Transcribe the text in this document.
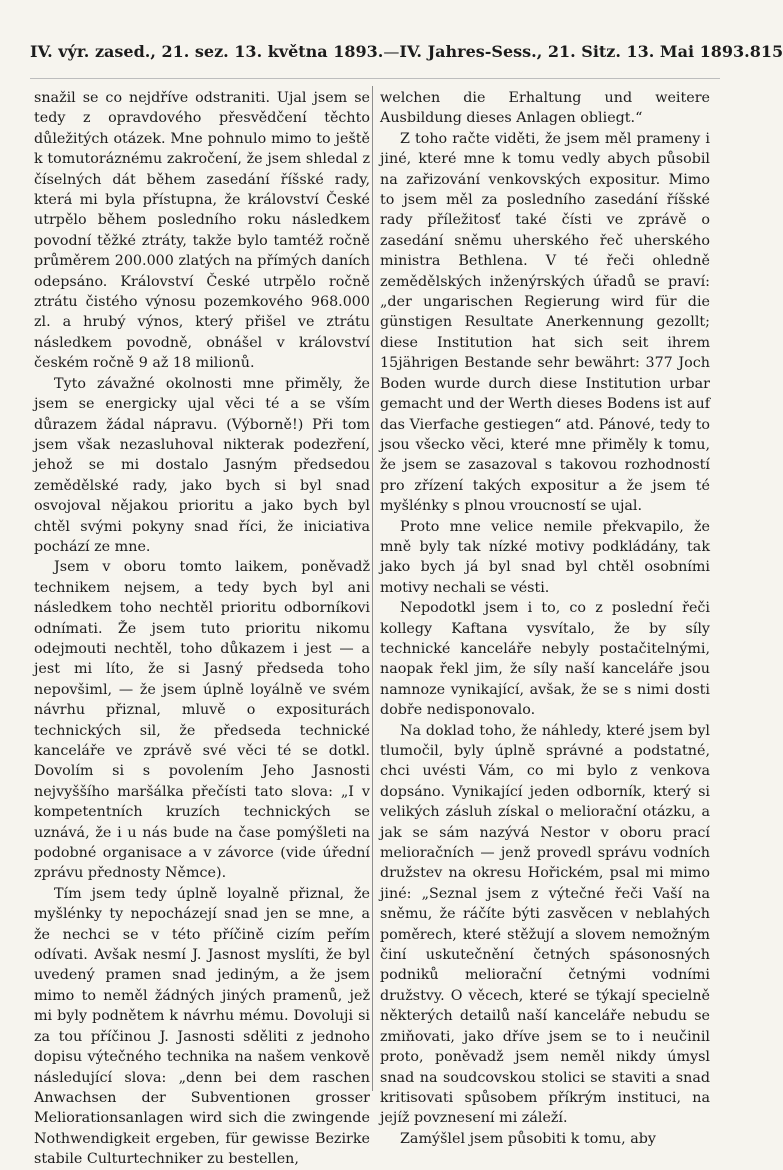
IV. výr. zased., 21. sez. 13. května 1893. — IV. Jahres-Sess., 21. Sitz. 13. Mai 1893. 815

snažil se co nejdříve odstraniti. Ujal jsem se tedy z opravdového přesvědčení těchto důležitých otázek. Mne pohnulo mimo to ještě k tomutoráznému zakročení, že jsem shledal z číselných dát během zasedání říšské rady, která mi byla přístupna, že království České utrpělo během posledního roku následkem povodní těžké ztráty, takže bylo tamtéž ročně průměrem 200.000 zlatých na přímých daních odepsáno. Království České utrpělo ročně ztrátu čistého výnosu pozemkového 968.000 zl. a hrubý výnos, který přišel ve ztrátu následkem povodně, obnášel v království českém ročně 9 až 18 milionů.

Tyto závažné okolnosti mne přiměly, že jsem se energicky ujal věci té a se vším důrazem žádal nápravu. (Výborně!) Při tom jsem však nezasluhoval nikterak podezření, jehož se mi dostalo Jasným předsedou zemědělské rady, jako bych si byl snad osvojoval nějakou prioritu a jako bych byl chtěl svými pokyny snad říci, že iniciativa pochází ze mne.

Jsem v oboru tomto laikem, poněvadž technikem nejsem, a tedy bych byl ani následkem toho nechtěl prioritu odborníkovi odnímati. Že jsem tuto prioritu nikomu odejmouti nechtěl, toho důkazem i jest — a jest mi líto, že si Jasný předseda toho nepovšiml, — že jsem úplně loyálně ve svém návrhu přiznal, mluvě o expositurách technických sil, že předseda technické kanceláře ve zprávě své věci té se dotkl. Dovolím si s povolením Jeho Jasnosti nejvyššího maršálka přečísti tato slova: „I v kompetentních kruzích technických se uznává, že i u nás bude na čase pomýšleti na podobné organisace a v závorce (vide úřední zprávu přednosty Němce).

Tím jsem tedy úplně loyalně přiznal, že myšlénky ty nepocházejí snad jen se mne, a že nechci se v této příčině cizím peřím odívati. Avšak nesmí J. Jasnost myslíti, že byl uvedený pramen snad jediným, a že jsem mimo to neměl žádných jiných pramenů, jež mi byly podnětem k návrhu mému. Dovoluji si za tou příčinou J. Jasnosti sděliti z jednoho dopisu výtečného technika na našem venkově následující slova: „denn bei dem raschen Anwachsen der Subventionen grosser Meliorationsanlagen wird sich die zwingende Nothwendigkeit ergeben, für gewisse Bezirke stabile Culturtechniker zu bestellen,

welchen die Erhaltung und weitere Ausbildung dieses Anlagen obliegt.“

Z toho račte viděti, že jsem měl pramеny i jiné, které mne k tomu vedly abych působil na zařizování venkovských expositur. Mimo to jsem měl za posledního zasedání říšské rady příležitosť také čísti ve zprávě o zasedání sněmu uherského řeč uherského ministra Bethlena. V té řeči ohledně zemědělských inženýrských úřadů se praví: „der ungarischen Regierung wird für die günstigen Resultate Anerkennung gezollt; diese Institution hat sich seit ihrem 15jährigen Bestande sehr bewährt: 377 Joch Boden wurde durch diese Institution urbar gemacht und der Werth dieses Bodens ist auf das Vierfache gestiegen“ atd. Pánové, tedy to jsou všecko věci, které mne přiměly k tomu, že jsem se zasazoval s takovou rozhodností pro zřízení takých expositur a že jsem té myšlénky s plnou vrоucností se ujal.

Proto mne velice nemile překvapilo, že mně byly tak nízké motivy podkládány, tak jako bych já byl snad byl chtěl osobními motivy nechali se vésti.

Nepodotkl jsem i to, co z poslední řeči kollegy Kaftana vysvítalo, že by síly technické kanceláře nebyly postačitelnými, naopak řekl jim, že síly naší kanceláře jsou namnoze vynikající, avšak, že se s nimi dosti dobře nedisponovalo.

Na doklad toho, že náhledy, které jsem byl tlumočil, byly úplně správné a podstatné, chci uvésti Vám, co mi bylo z venkova dopsáno. Vynikající jeden odborník, který si velikých zásluh získal o meliorační otázku, a jak se sám nazývá Nestor v oboru prací melioračních — jenž provedl správu vodních družstev na okresu Hořickém, psal mi mimo jiné: „Seznal jsem z výtečné řeči Vaší na sněmu, že ráčíte býti zasvěcen v neblahých poměrech, které stěžují a slovem nemožným činí uskutečnění četných spásonosných podniků meliorační četnými vodními družstvy. O věcech, které se týkají specielně některých detailů naší kanceláře nebudu se zmiňovati, jako dříve jsem se to i neučinil proto, poněvadž jsem neměl nikdy úmysl snad na soudcovskou stolici se staviti a snad kritisovati spůsobem příkrým instituci, na jejíž povznesení mi záleží.

Zamýšlel jsem působiti k tomu, aby
